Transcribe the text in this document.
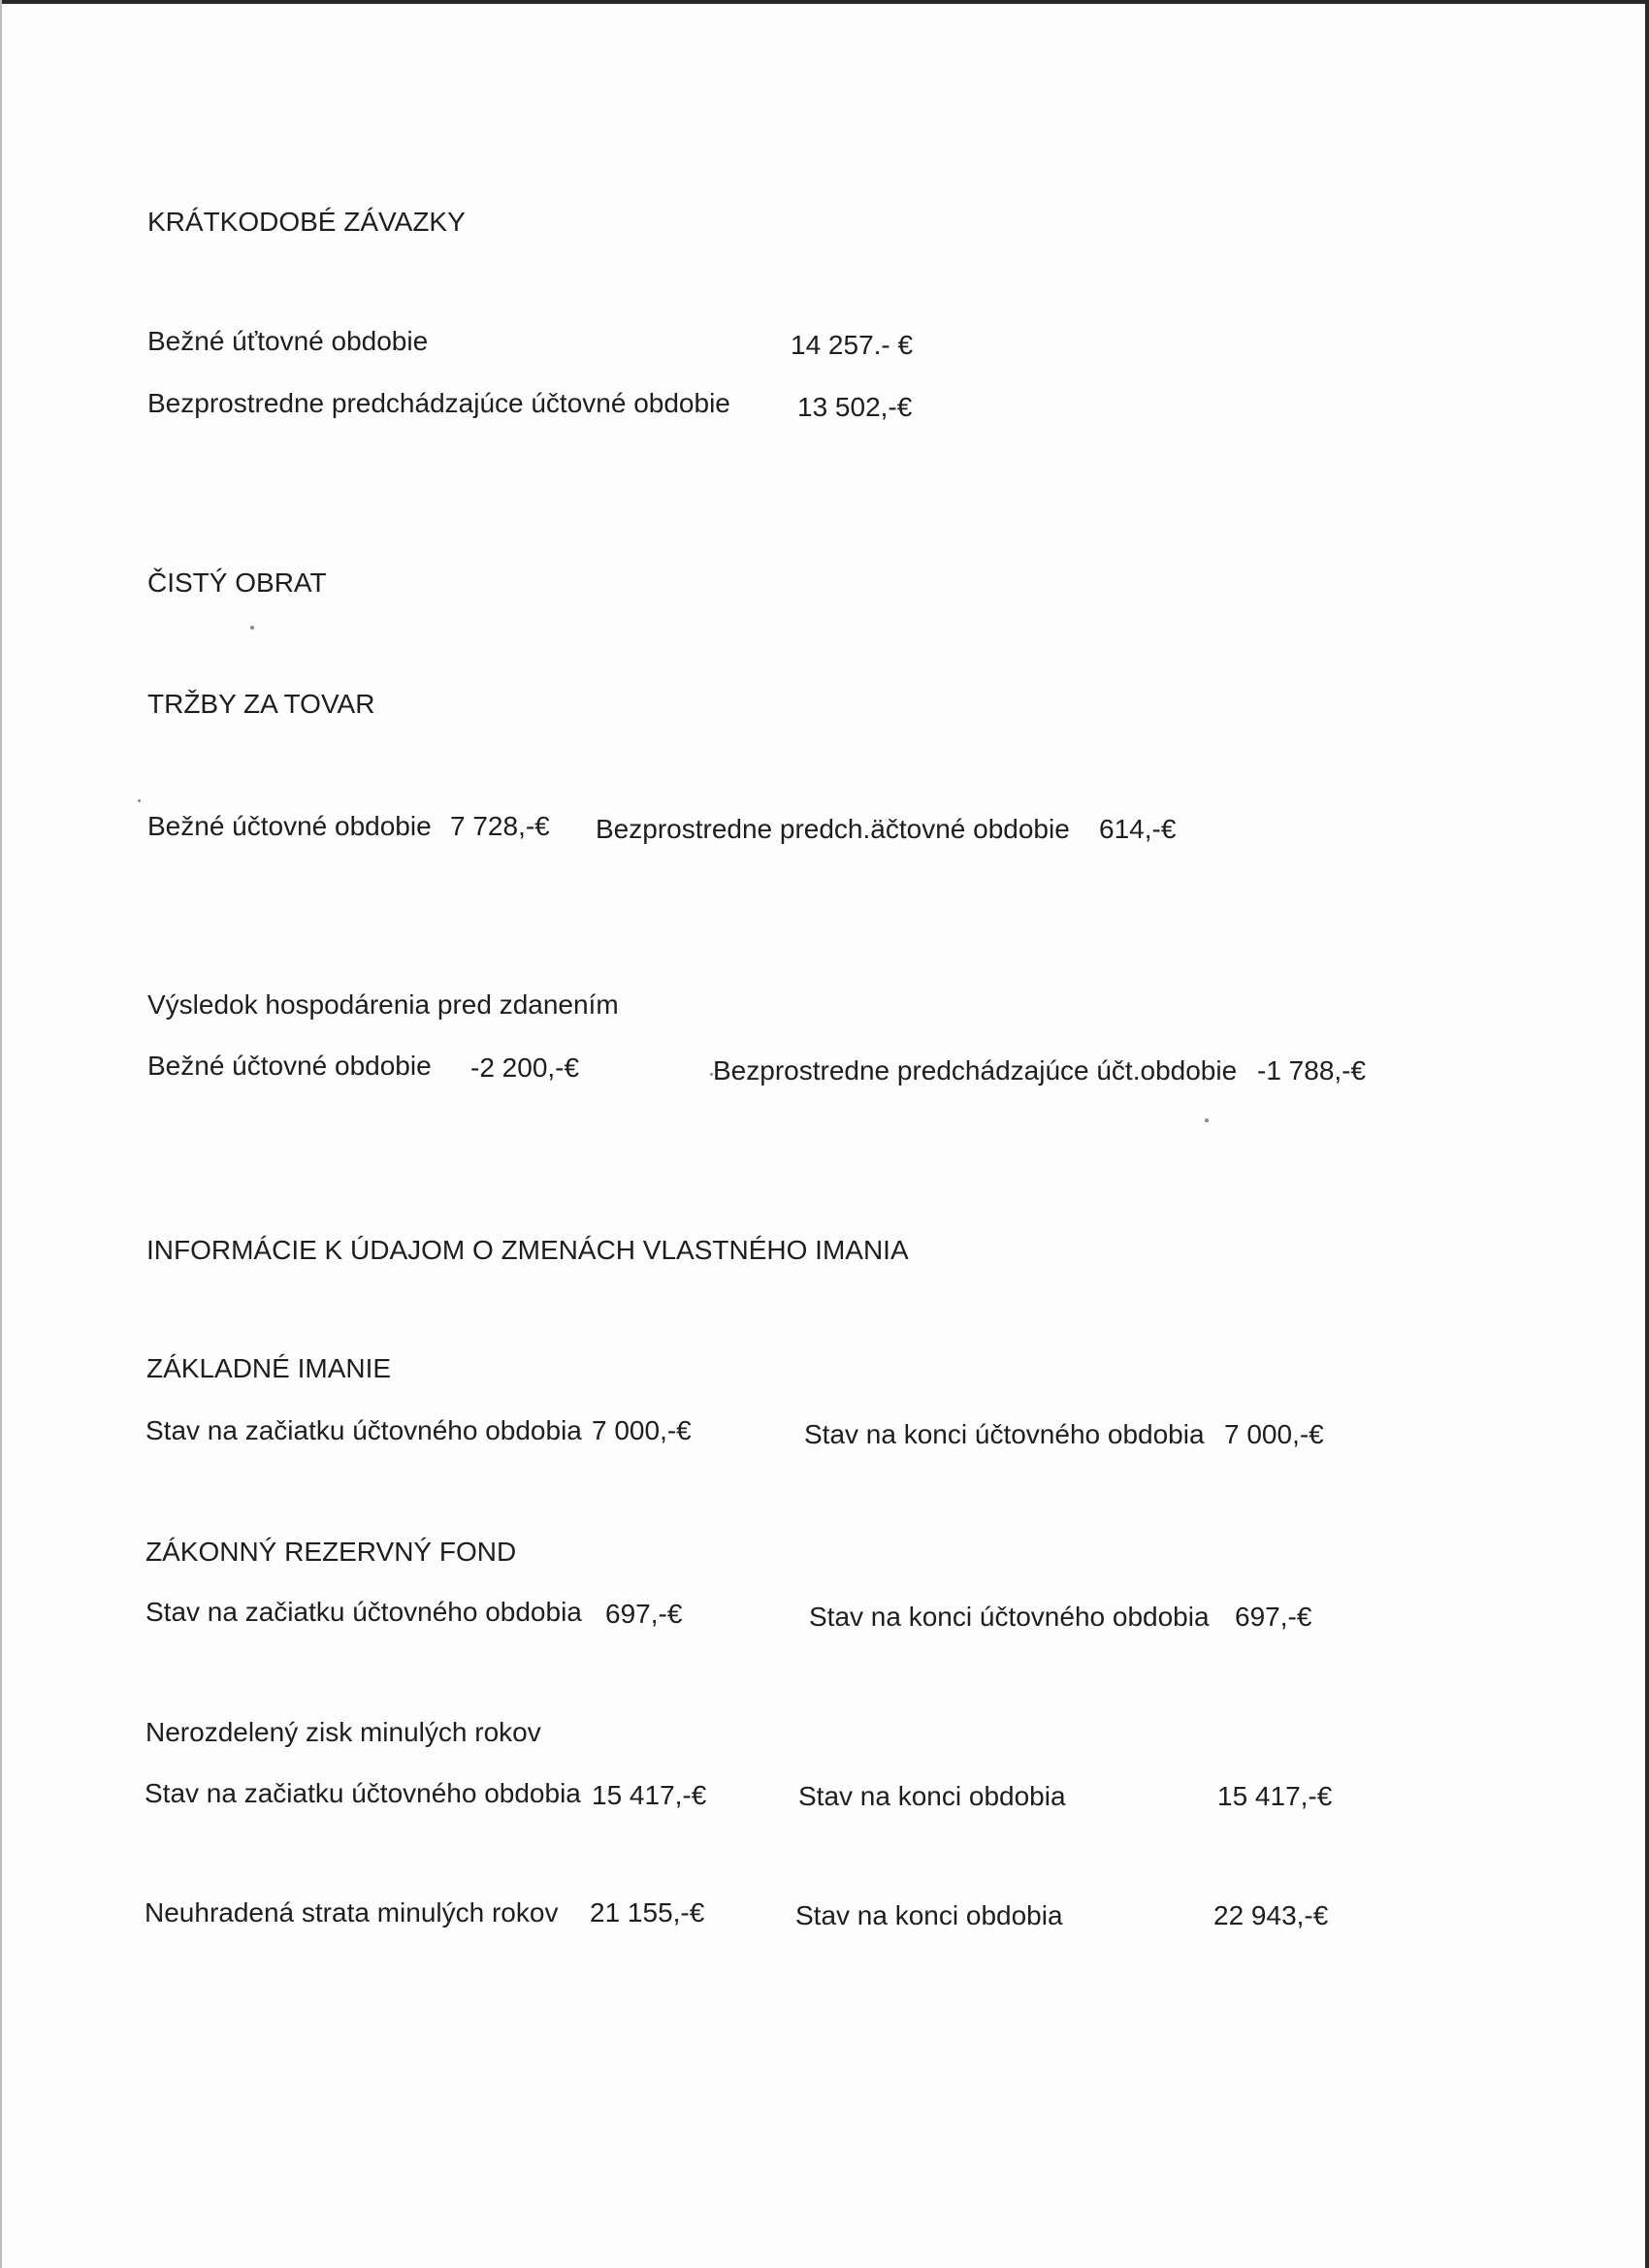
KRÁTKODOBÉ ZÁVAZKY
Bežné úťtovné obdobie	14 257.- €
Bezprostredne predchádzajúce účtovné obdobie 13 502,-€
ČISTÝ OBRAT
TRŽBY ZA TOVAR
Bežné účtovné obdobie 7 728,-€ Bezprostredne predch.äčtovné obdobie 614,-€
Výsledok hospodárenia pred zdanením
Bežné účtovné obdobie -2 200,-€	Bezprostredne predchádzajúce účt.obdobie -1 788,-€
INFORMÁCIE K ÚDAJOM O ZMENÁCH VLASTNÉHO IMANIA
ZÁKLADNÉ IMANIE
Stav na začiatku účtovného obdobia 7 000,-€	Stav na konci účtovného obdobia 7 000,-€
ZÁKONNÝ REZERVNÝ FOND
Stav na začiatku účtovného obdobia 697,-€	Stav na konci účtovného obdobia 697,-€
Nerozdelený zisk minulých rokov
Stav na začiatku účtovného obdobia 15 417,-€	Stav na konci obdobia	15 417,-€
Neuhradená strata minulých rokov 21 155,-€	Stav na konci obdobia	22 943,-€
